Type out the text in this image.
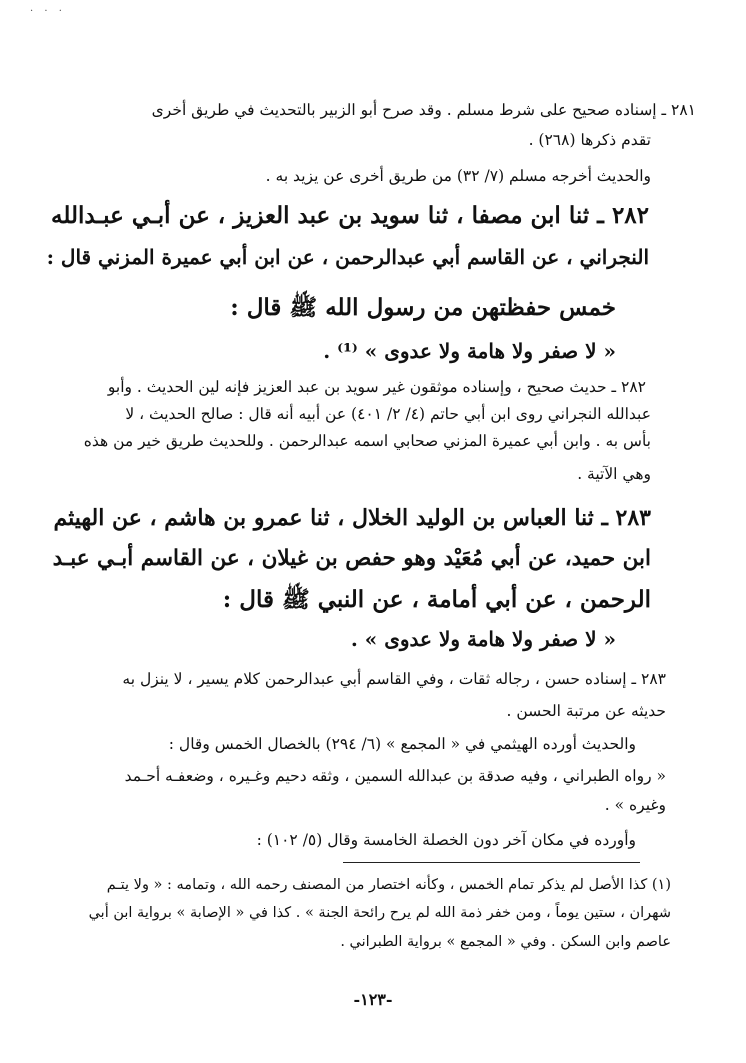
· · ·
٢٨١ ـ إسناده صحيح على شرط مسلم . وقد صرح أبو الزبير بالتحديث في طريق أخرى
تقدم ذكرها (٢٦٨) .
والحديث أخرجه مسلم (٧/ ٣٢) من طريق أخرى عن يزيد به .
٢٨٢ ـ ثنا ابن مصفا ، ثنا سويد بن عبد العزيز ، عن أبـي عبـدالله
النجراني ، عن القاسم أبي عبدالرحمن ، عن ابن أبي عميرة المزني قال :
خمس حفظتهن من رسول الله ﷺ قال :
« لا صفر ولا هامة ولا عدوى » ⁽¹⁾ .
٢٨٢ ـ حديث صحيح ، وإسناده موثقون غير سويد بن عبد العزيز فإنه لين الحديث . وأبو
عبدالله النجراني روى ابن أبي حاتم (٤/ ٢/ ٤٠١) عن أبيه أنه قال : صالح الحديث ، لا
بأس به . وابن أبي عميرة المزني صحابي اسمه عبدالرحمن . وللحديث طريق خير من هذه
وهي الآتية .
٢٨٣ ـ ثنا العباس بن الوليد الخلال ، ثنا عمرو بن هاشم ، عن الهيثم
ابن حميد، عن أبي مُعَيْد وهو حفص بن غيلان ، عن القاسم أبـي عبـد
الرحمن ، عن أبي أمامة ، عن النبي ﷺ قال :
« لا صفر ولا هامة ولا عدوى » .
٢٨٣ ـ إسناده حسن ، رجاله ثقات ، وفي القاسم أبي عبدالرحمن كلام يسير ، لا ينزل به
حديثه عن مرتبة الحسن .
والحديث أورده الهيثمي في « المجمع » (٦/ ٢٩٤) بالخصال الخمس وقال :
« رواه الطبراني ، وفيه صدقة بن عبدالله السمين ، وثقه دحيم وغـيره ، وضعفـه أحـمد
وغيره » .
وأورده في مكان آخر دون الخصلة الخامسة وقال (٥/ ١٠٢) :
(١) كذا الأصل لم يذكر تمام الخمس ، وكأنه اختصار من المصنف رحمه الله ، وتمامه : « ولا يتـم
شهران ، ستين يوماً ، ومن خفر ذمة الله لم يرح رائحة الجنة » . كذا في « الإصابة » برواية ابن أبي
عاصم وابن السكن . وفي « المجمع » برواية الطبراني .
-١٢٣-
